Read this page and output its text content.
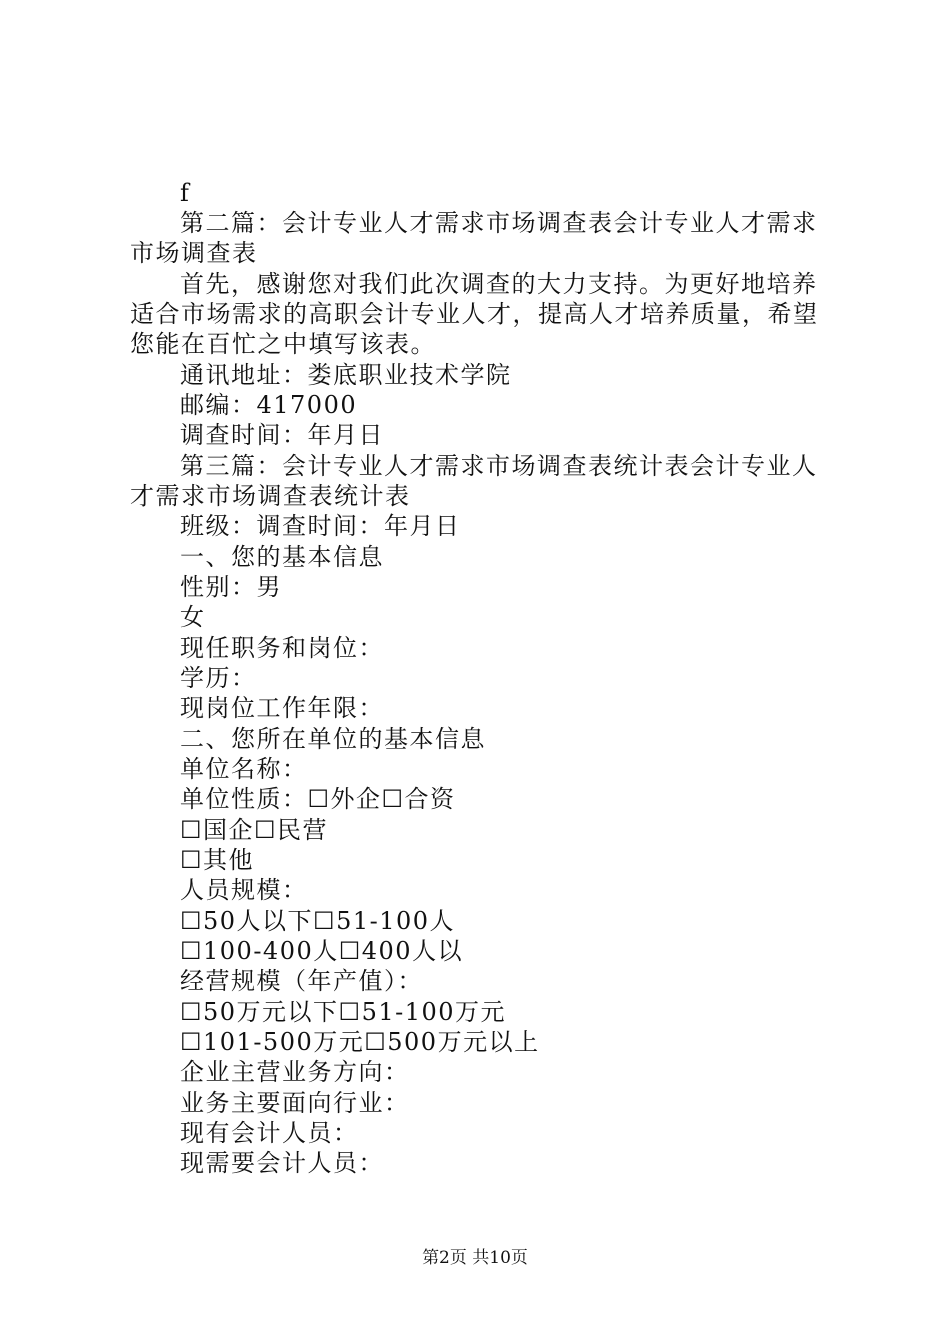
f
第二篇：会计专业人才需求市场调查表会计专业人才需求
市场调查表
首先，感谢您对我们此次调查的大力支持。为更好地培养
适合市场需求的高职会计专业人才，提高人才培养质量，希望
您能在百忙之中填写该表。
通讯地址：娄底职业技术学院
邮编：417000
调查时间：年月日
第三篇：会计专业人才需求市场调查表统计表会计专业人
才需求市场调查表统计表
班级：调查时间：年月日
一、您的基本信息
性别：男
女
现任职务和岗位：
学历：
现岗位工作年限：
二、您所在单位的基本信息
单位名称：
单位性质：☐外企☐合资
☐国企☐民营
☐其他
人员规模：
☐50人以下☐51-100人
☐100-400人☐400人以
经营规模（年产值）：
☐50万元以下☐51-100万元
☐101-500万元☐500万元以上
企业主营业务方向：
业务主要面向行业：
现有会计人员：
现需要会计人员：
第2页 共10页
